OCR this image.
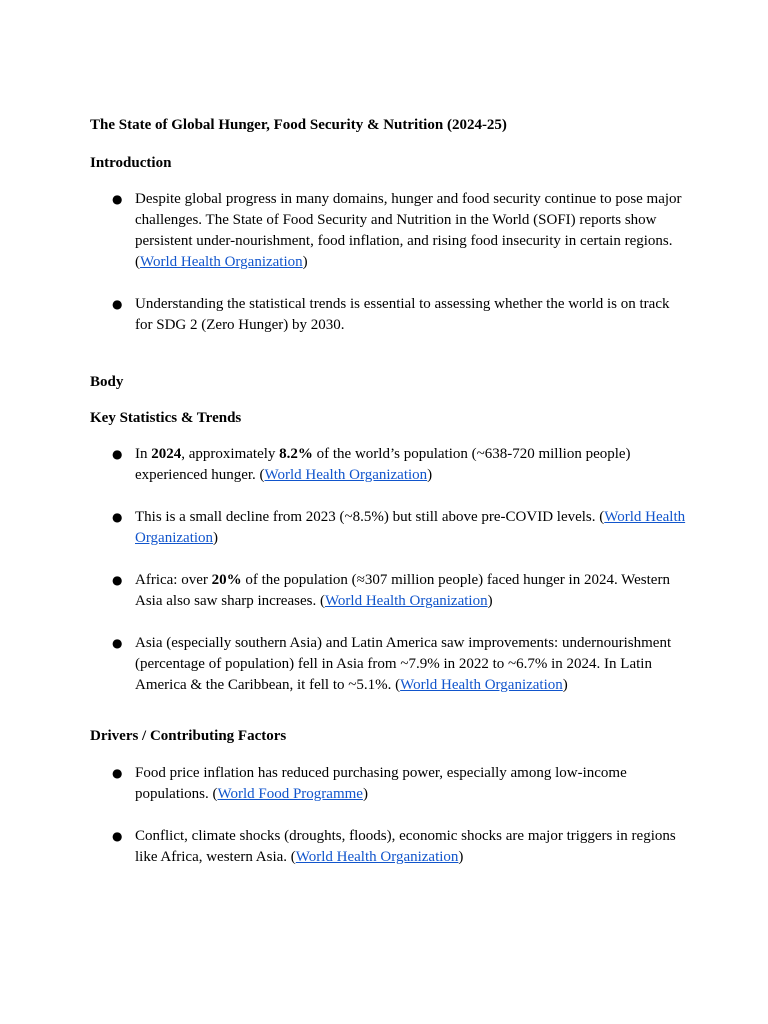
The State of Global Hunger, Food Security & Nutrition (2024-25)

Introduction

● Despite global progress in many domains, hunger and food security continue to pose major challenges. The State of Food Security and Nutrition in the World (SOFI) reports show persistent under-nourishment, food inflation, and rising food insecurity in certain regions. (World Health Organization)
● Understanding the statistical trends is essential to assessing whether the world is on track for SDG 2 (Zero Hunger) by 2030.

Body

Key Statistics & Trends

● In 2024, approximately 8.2% of the world’s population (~638-720 million people) experienced hunger. (World Health Organization)
● This is a small decline from 2023 (~8.5%) but still above pre-COVID levels. (World Health Organization)
● Africa: over 20% of the population (≈307 million people) faced hunger in 2024. Western Asia also saw sharp increases. (World Health Organization)
● Asia (especially southern Asia) and Latin America saw improvements: undernourishment (percentage of population) fell in Asia from ~7.9% in 2022 to ~6.7% in 2024. In Latin America & the Caribbean, it fell to ~5.1%. (World Health Organization)

Drivers / Contributing Factors

● Food price inflation has reduced purchasing power, especially among low-income populations. (World Food Programme)
● Conflict, climate shocks (droughts, floods), economic shocks are major triggers in regions like Africa, western Asia. (World Health Organization)
